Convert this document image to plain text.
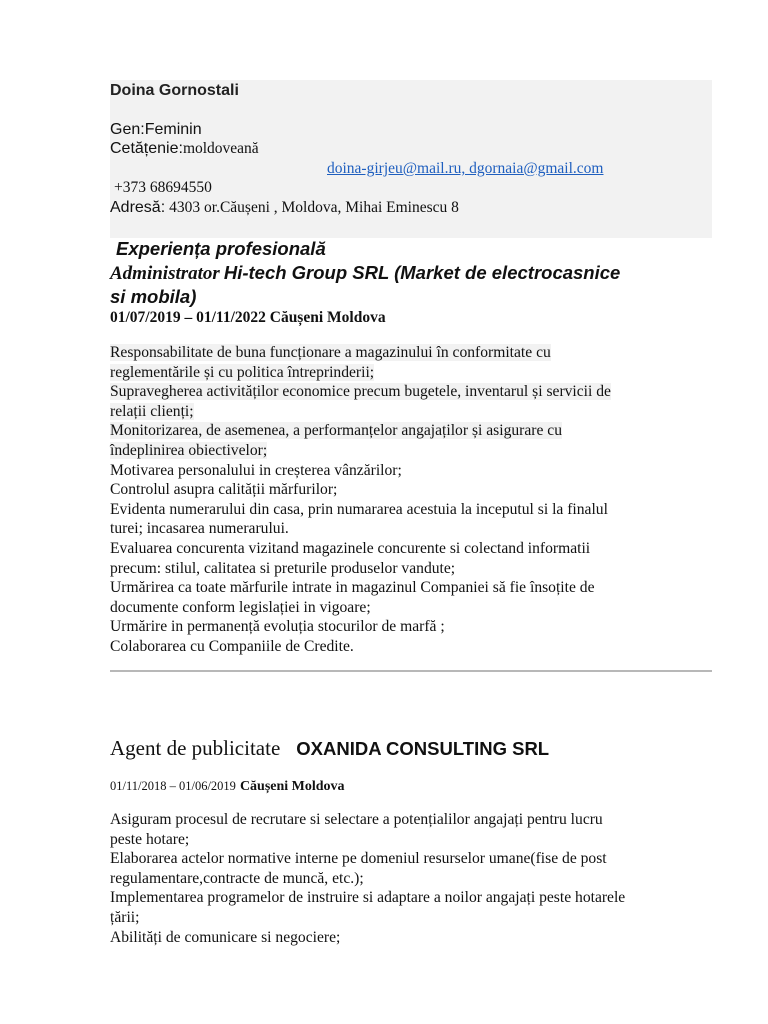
Doina Gornostali
Gen:Feminin
Cetățenie:moldoveană
doina-girjeu@mail.ru, dgornaia@gmail.com
+373 68694550
Adresă: 4303 or.Căușeni , Moldova, Mihai Eminescu 8
Experiența profesională
Administrator Hi-tech Group SRL (Market de electrocasnice
si mobila)
01/07/2019 – 01/11/2022 Căușeni Moldova
Responsabilitate de buna funcționare a magazinului în conformitate cu
reglementările și cu politica întreprinderii;
Supravegherea activităților economice precum bugetele, inventarul și servicii de
relații clienți;
Monitorizarea, de asemenea, a performanțelor angajaților și asigurare cu
îndeplinirea obiectivelor;
Motivarea personalului in creșterea vânzărilor;
Controlul asupra calității mărfurilor;
Evidenta numerarului din casa, prin numararea acestuia la inceputul si la finalul
turei; incasarea numerarului.
Evaluarea concurenta vizitand magazinele concurente si colectand informatii
precum: stilul, calitatea si preturile produselor vandute;
Urmărirea ca toate mărfurile intrate in magazinul Companiei să fie însoțite de
documente conform legislației in vigoare;
Urmărire in permanență evoluția stocurilor de marfă ;
Colaborarea cu Companiile de Credite.
Agent de publicitate OXANIDA CONSULTING SRL
01/11/2018 – 01/06/2019 Căușeni Moldova
Asiguram procesul de recrutare si selectare a potențialilor angajați pentru lucru
peste hotare;
Elaborarea actelor normative interne pe domeniul resurselor umane(fise de post
regulamentare,contracte de muncă, etc.);
Implementarea programelor de instruire si adaptare a noilor angajați peste hotarele
țării;
Abilități de comunicare si negociere;
